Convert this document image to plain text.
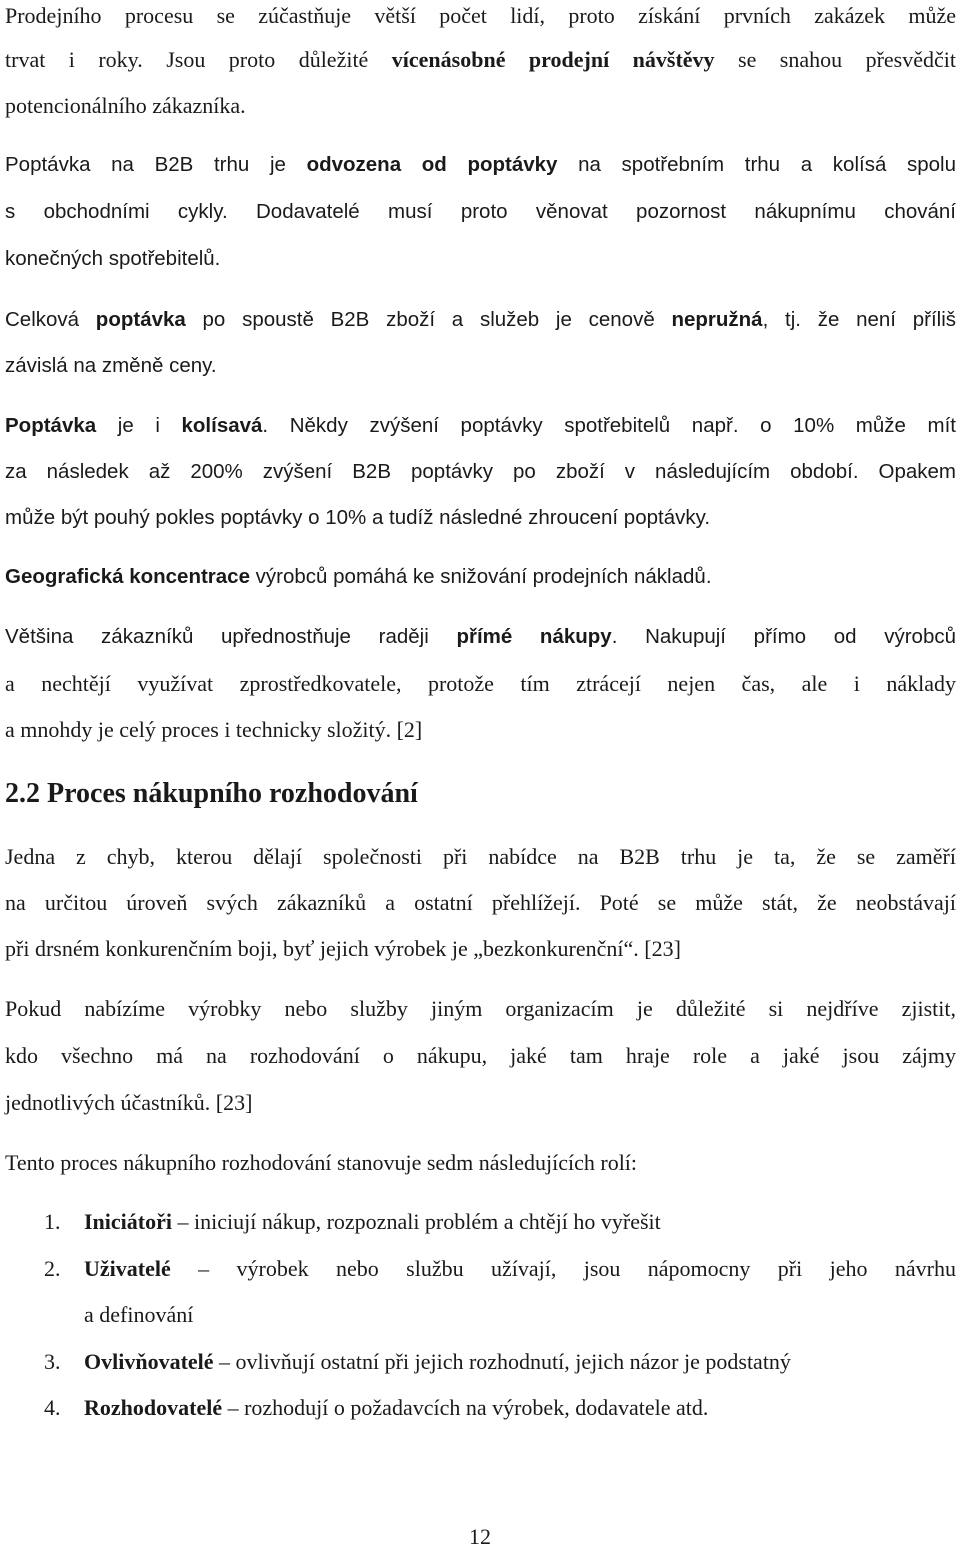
Prodejního procesu se zúčastňuje větší počet lidí, proto získání prvních zakázek může
trvat i roky. Jsou proto důležité vícenásobné prodejní návštěvy se snahou přesvědčit
potencionálního zákazníka.
Poptávka na B2B trhu je odvozena od poptávky na spotřebním trhu a kolísá spolu
s obchodními cykly. Dodavatelé musí proto věnovat pozornost nákupnímu chování
konečných spotřebitelů.
Celková poptávka po spoustě B2B zboží a služeb je cenově nepružná, tj. že není příliš
závislá na změně ceny.
Poptávka je i kolísavá. Někdy zvýšení poptávky spotřebitelů např. o 10% může mít
za následek až 200% zvýšení B2B poptávky po zboží v následujícím období. Opakem
může být pouhý pokles poptávky o 10% a tudíž následné zhroucení poptávky.
Geografická koncentrace výrobců pomáhá ke snižování prodejních nákladů.
Většina zákazníků upřednostňuje raději přímé nákupy. Nakupují přímo od výrobců
a nechtějí využívat zprostředkovatele, protože tím ztrácejí nejen čas, ale i náklady
a mnohdy je celý proces i technicky složitý. [2]
2.2 Proces nákupního rozhodování
Jedna z chyb, kterou dělají společnosti při nabídce na B2B trhu je ta, že se zaměří
na určitou úroveň svých zákazníků a ostatní přehlížejí. Poté se může stát, že neobstávají
při drsném konkurenčním boji, byť jejich výrobek je „bezkonkurenční“. [23]
Pokud nabízíme výrobky nebo služby jiným organizacím je důležité si nejdříve zjistit,
kdo všechno má na rozhodování o nákupu, jaké tam hraje role a jaké jsou zájmy
jednotlivých účastníků. [23]
Tento proces nákupního rozhodování stanovuje sedm následujících rolí:
1. Iniciátoři – iniciují nákup, rozpoznali problém a chtějí ho vyřešit
2. Uživatelé – výrobek nebo službu užívají, jsou nápomocny při jeho návrhu
a definování
3. Ovlivňovatelé – ovlivňují ostatní při jejich rozhodnutí, jejich názor je podstatný
4. Rozhodovatelé – rozhodují o požadavcích na výrobek, dodavatele atd.
12
